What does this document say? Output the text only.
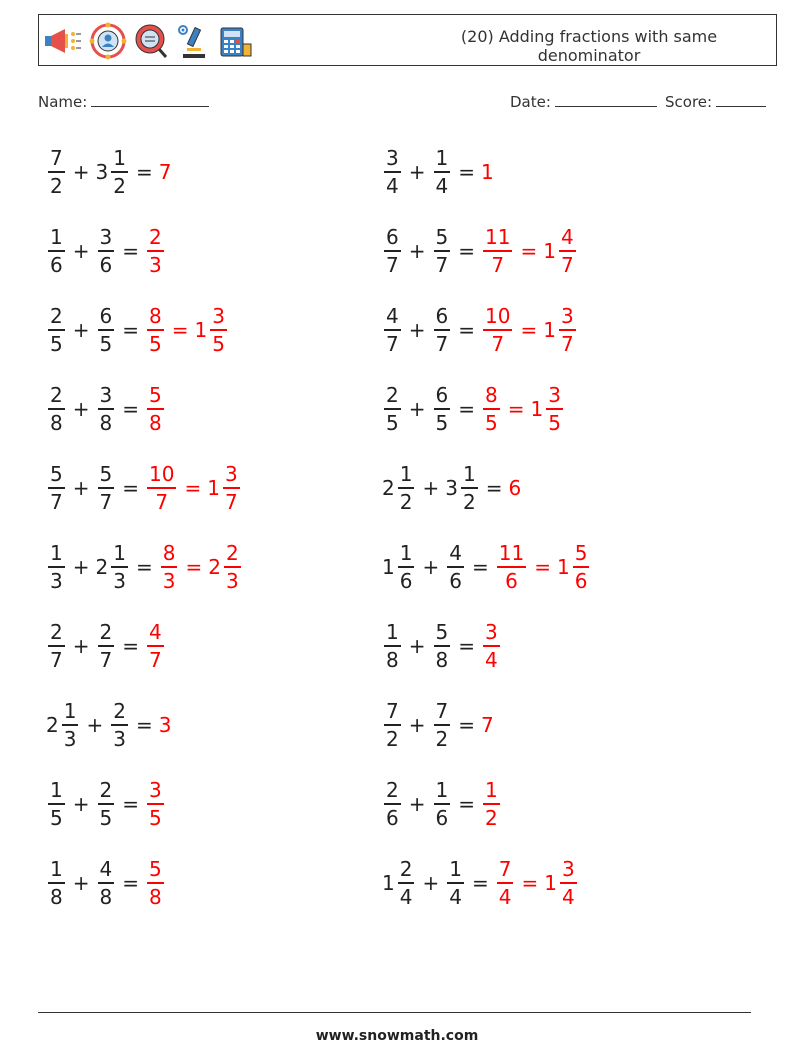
(20) Adding fractions with same denominator
Name:	Date:	Score:
$\frac{7}{2} + 3 \frac{1}{2} = 7$	$\frac{3}{4} + \frac{1}{4} = 1$
$\frac{1}{6} + \frac{3}{6} = \frac{2}{3}$	$\frac{6}{7} + \frac{5}{7} = \frac{11}{7} = 1 \frac{4}{7}$
$\frac{2}{5} + \frac{6}{5} = \frac{8}{5} = 1 \frac{3}{5}$	$\frac{4}{7} + \frac{6}{7} = \frac{10}{7} = 1 \frac{3}{7}$
$\frac{2}{8} + \frac{3}{8} = \frac{5}{8}$	$\frac{2}{5} + \frac{6}{5} = \frac{8}{5} = 1 \frac{3}{5}$
$\frac{5}{7} + \frac{5}{7} = \frac{10}{7} = 1 \frac{3}{7}$	$2 \frac{1}{2} + 3 \frac{1}{2} = 6$
$\frac{1}{3} + 2 \frac{1}{3} = \frac{8}{3} = 2 \frac{2}{3}$	$1 \frac{1}{6} + \frac{4}{6} = \frac{11}{6} = 1 \frac{5}{6}$
$\frac{2}{7} + \frac{2}{7} = \frac{4}{7}$	$\frac{1}{8} + \frac{5}{8} = \frac{3}{4}$
$2 \frac{1}{3} + \frac{2}{3} = 3$	$\frac{7}{2} + \frac{7}{2} = 7$
$\frac{1}{5} + \frac{2}{5} = \frac{3}{5}$	$\frac{2}{6} + \frac{1}{6} = \frac{1}{2}$
$\frac{1}{8} + \frac{4}{8} = \frac{5}{8}$	$1 \frac{2}{4} + \frac{1}{4} = \frac{7}{4} = 1 \frac{3}{4}$
www.snowmath.com
